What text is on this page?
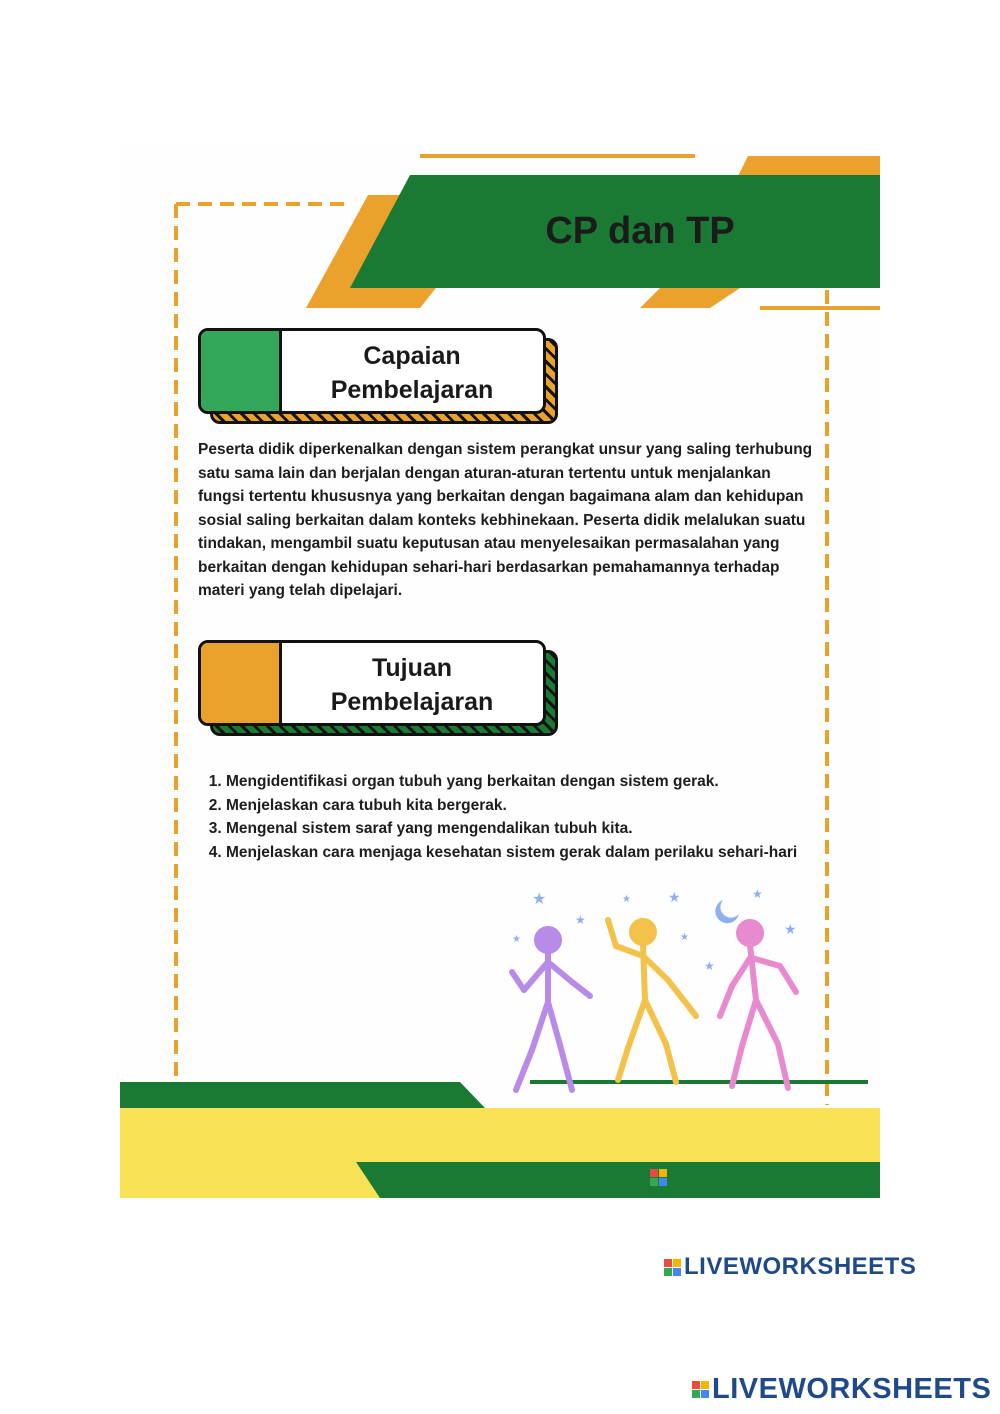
★
★
★	★
★
★
★
★
★
CP dan TP
Capaian
Pembelajaran
Peserta didik diperkenalkan dengan sistem perangkat unsur yang saling terhubung satu sama lain dan berjalan dengan aturan-aturan tertentu untuk menjalankan fungsi tertentu khususnya yang berkaitan dengan bagaimana alam dan kehidupan sosial saling berkaitan dalam konteks kebhinekaan. Peserta didik melalukan suatu tindakan, mengambil suatu keputusan atau menyelesaikan permasalahan yang berkaitan dengan kehidupan sehari-hari berdasarkan pemahamannya terhadap materi yang telah dipelajari.
Tujuan
Pembelajaran
1. Mengidentifikasi organ tubuh yang berkaitan dengan sistem gerak.
2. Menjelaskan cara tubuh kita bergerak.
3. Mengenal sistem saraf yang mengendalikan tubuh kita.
4. Menjelaskan cara menjaga kesehatan sistem gerak dalam perilaku sehari-hari
LIVEWORKSHEETS
LIVEWORKSHEETS
LIVEWORKSHEETS
